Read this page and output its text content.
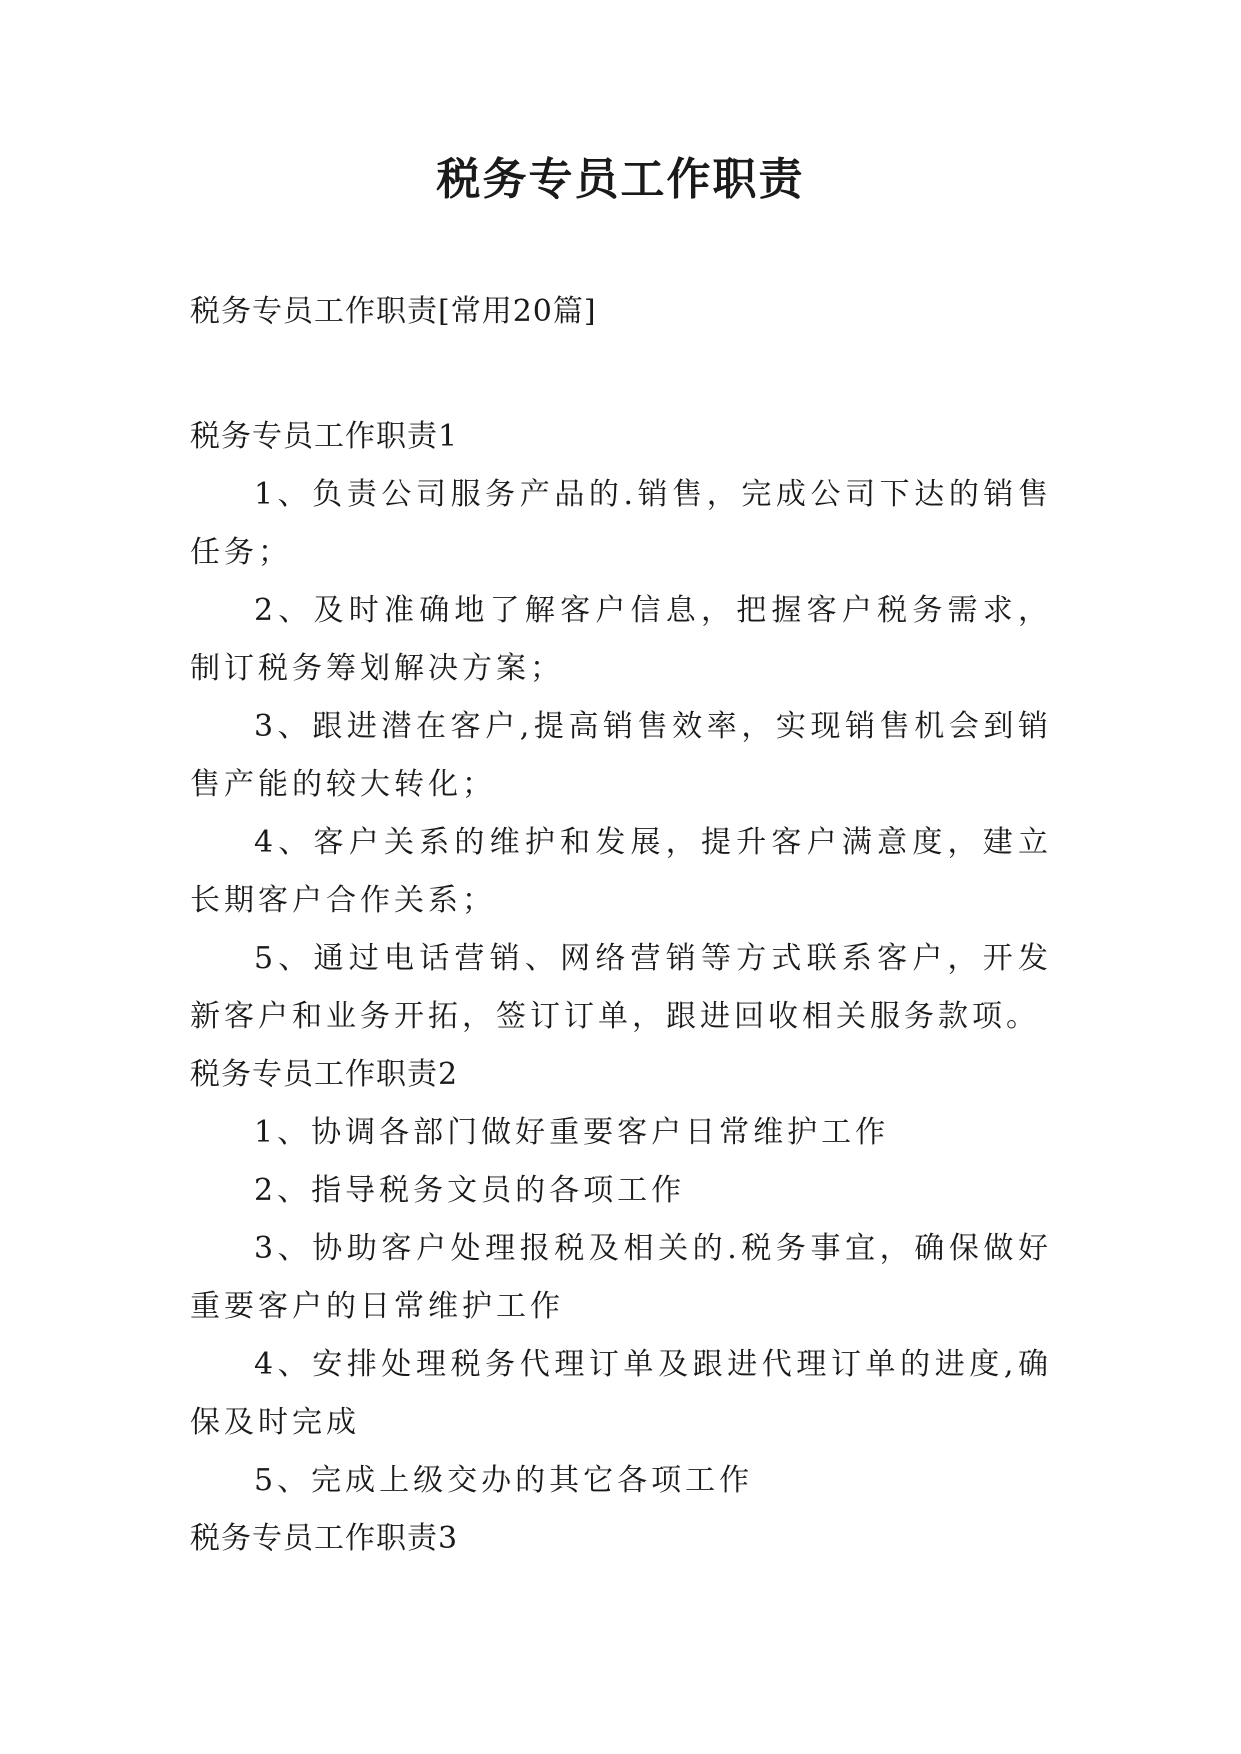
税务专员工作职责

税务专员工作职责[常用20篇]

税务专员工作职责1

1、负责公司服务产品的.销售，完成公司下达的销售任务；

2、及时准确地了解客户信息，把握客户税务需求，制订税务筹划解决方案；

3、跟进潜在客户,提高销售效率，实现销售机会到销售产能的较大转化；

4、客户关系的维护和发展，提升客户满意度，建立长期客户合作关系；

5、通过电话营销、网络营销等方式联系客户，开发新客户和业务开拓，签订订单，跟进回收相关服务款项。

税务专员工作职责2

1、协调各部门做好重要客户日常维护工作

2、指导税务文员的各项工作

3、协助客户处理报税及相关的.税务事宜，确保做好重要客户的日常维护工作

4、安排处理税务代理订单及跟进代理订单的进度,确保及时完成

5、完成上级交办的其它各项工作

税务专员工作职责3
